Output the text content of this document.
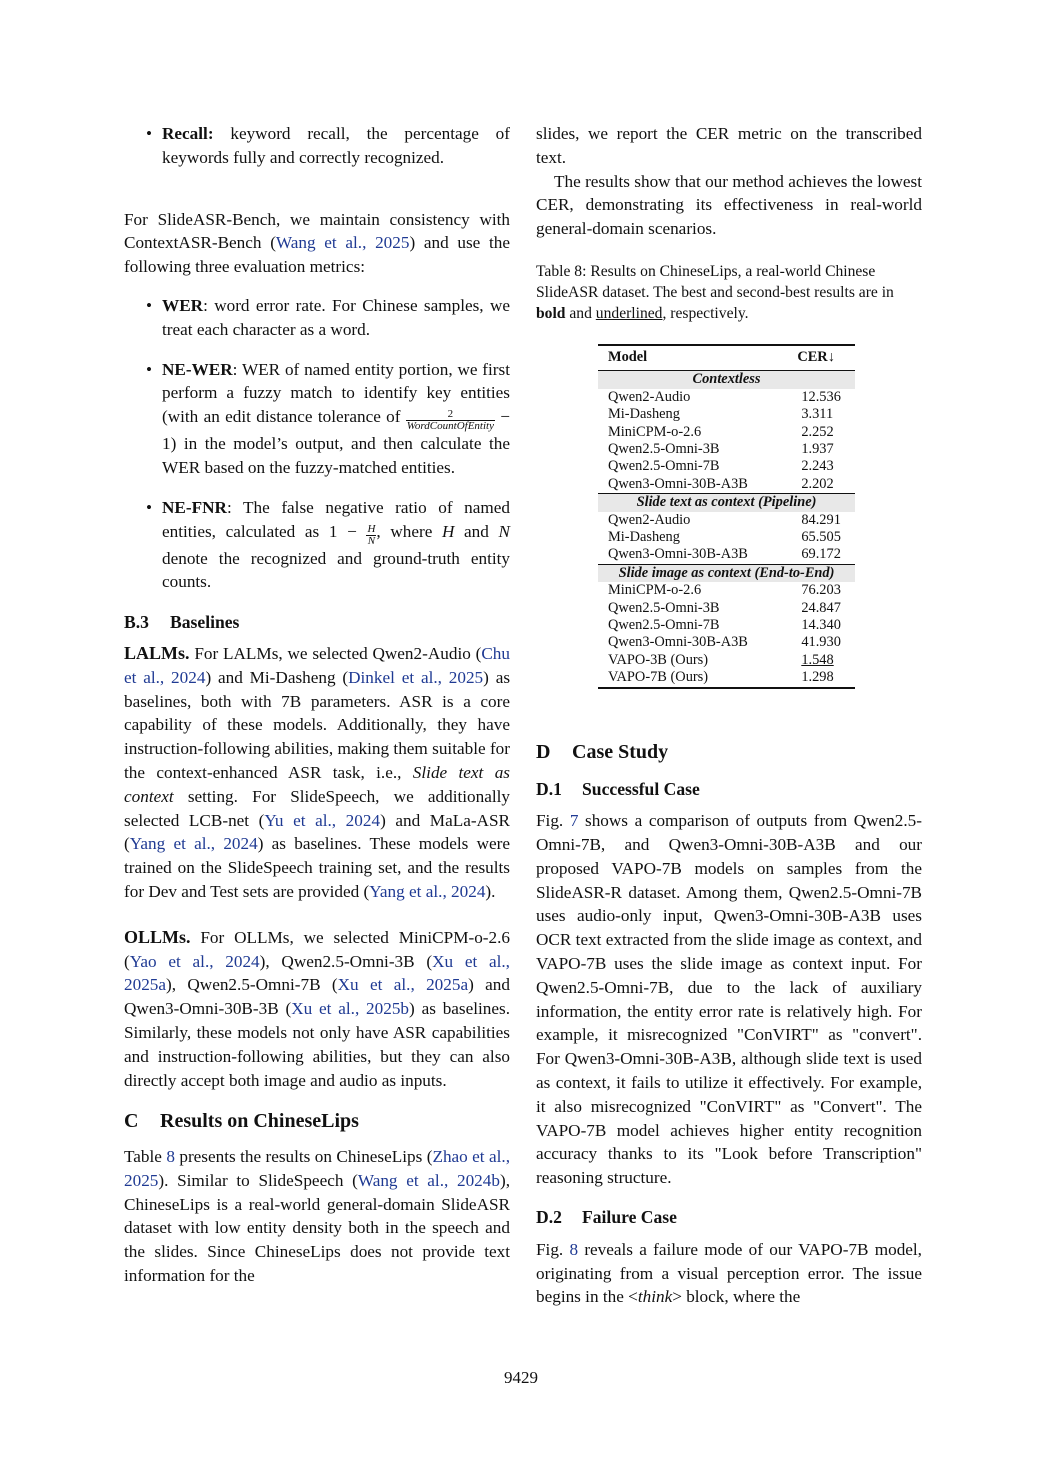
• Recall: keyword recall, the percentage of keywords fully and correctly recognized.

For SlideASR-Bench, we maintain consistency with ContextASR-Bench (Wang et al., 2025) and use the following three evaluation metrics:

• WER: word error rate. For Chinese samples, we treat each character as a word.
• NE-WER: WER of named entity portion, we first perform a fuzzy match to identify key entities (with an edit distance tolerance of $\frac{2}{\text{WordCountOfEntity}} - 1$) in the model’s output, and then calculate the WER based on the fuzzy-matched entities.
• NE-FNR: The false negative ratio of named entities, calculated as $1 - \frac{H}{N}$ , where H and N denote the recognized and ground-truth entity counts.
B.3 Baselines

LALMs. For LALMs, we selected Qwen2-Audio (Chu et al., 2024) and Mi-Dasheng (Dinkel et al., 2025) as baselines, both with 7B parameters. ASR is a core capability of these models. Additionally, they have instruction-following abilities, making them suitable for the context-enhanced ASR task, i.e., Slide text as context setting. For SlideSpeech, we additionally selected LCB-net (Yu et al., 2024) and MaLa-ASR (Yang et al., 2024) as baselines. These models were trained on the SlideSpeech training set, and the results for Dev and Test sets are provided (Yang et al., 2024).

OLLMs. For OLLMs, we selected MiniCPM-o-2.6 (Yao et al., 2024), Qwen2.5-Omni-3B (Xu et al., 2025a), Qwen2.5-Omni-7B (Xu et al., 2025a) and Qwen3-Omni-30B-3B (Xu et al., 2025b) as baselines. Similarly, these models not only have ASR capabilities and instruction-following abilities, but they can also directly accept both image and audio as inputs.

C Results on ChineseLips

Table 8 presents the results on ChineseLips (Zhao et al., 2025). Similar to SlideSpeech (Wang et al., 2024b), ChineseLips is a real-world general-domain SlideASR dataset with low entity density both in the speech and the slides. Since ChineseLips does not provide text information for the

slides, we report the CER metric on the transcribed text.

The results show that our method achieves the lowest CER, demonstrating its effectiveness in real-world general-domain scenarios.

Table 8: Results on ChineseLips, a real-world Chinese SlideASR dataset. The best and second-best results are in bold and underlined, respectively.

Model	CER↓
Contextless	
Qwen2-Audio	12.536
Mi-Dasheng	3.311
MiniCPM-o-2.6	2.252
Qwen2.5-Omni-3B	1.937
Qwen2.5-Omni-7B	2.243
Qwen3-Omni-30B-A3B	2.202
Slide text as context (Pipeline)	
Qwen2-Audio	84.291
Mi-Dasheng	65.505
Qwen3-Omni-30B-A3B	69.172
Slide image as context (End-to-End)	
MiniCPM-o-2.6	76.203
Qwen2.5-Omni-3B	24.847
Qwen2.5-Omni-7B	14.340
Qwen3-Omni-30B-A3B	41.930
VAPO-3B (Ours)	1.548
VAPO-7B (Ours)	1.298
D Case Study
D.1 Successful Case

Fig. 7 shows a comparison of outputs from Qwen2.5-Omni-7B, and Qwen3-Omni-30B-A3B and our proposed VAPO-7B models on samples from the SlideASR-R dataset. Among them, Qwen2.5-Omni-7B uses audio-only input, Qwen3-Omni-30B-A3B uses OCR text extracted from the slide image as context, and VAPO-7B uses the slide image as context input. For Qwen2.5-Omni-7B, due to the lack of auxiliary information, the entity error rate is relatively high. For example, it misrecognized "ConVIRT" as "convert". For Qwen3-Omni-30B-A3B, although slide text is used as context, it fails to utilize it effectively. For example, it also misrecognized "ConVIRT" as "Convert". The VAPO-7B model achieves higher entity recognition accuracy thanks to its "Look before Transcription" reasoning structure.

D.2 Failure Case

Fig. 8 reveals a failure mode of our VAPO-7B model, originating from a visual perception error. The issue begins in the <think> block, where the

9429
